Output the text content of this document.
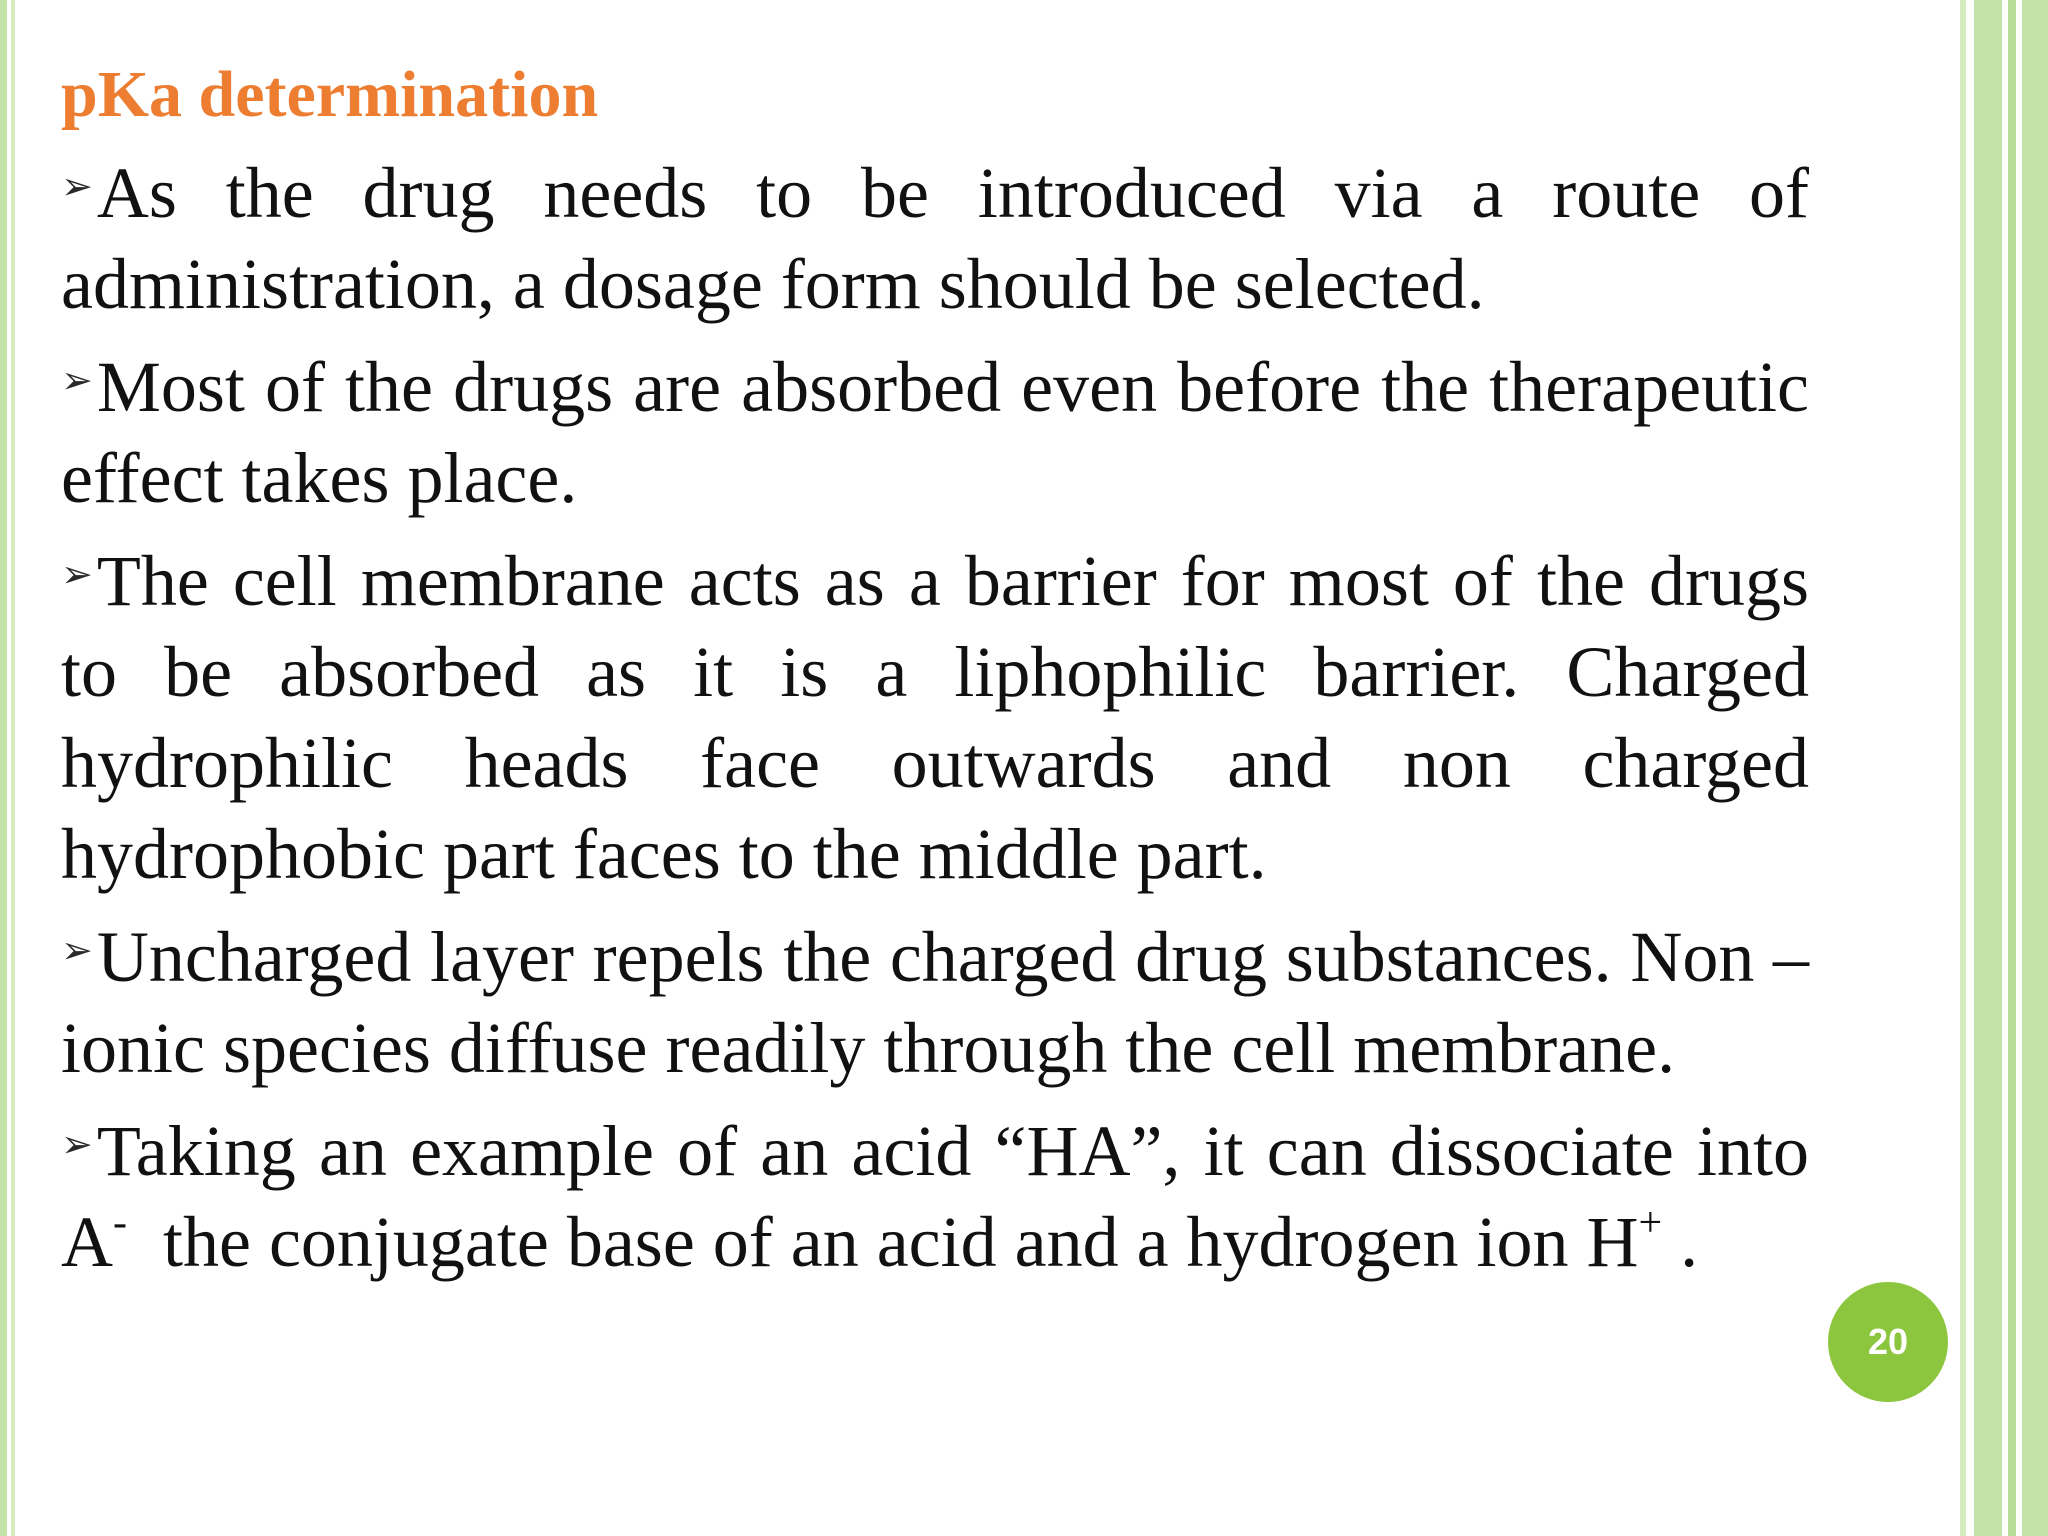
pKa determination

➢As the drug needs to be introduced via a route of administration, a dosage form should be selected.

➢Most of the drugs are absorbed even before the therapeutic effect takes place.

➢The cell membrane acts as a barrier for most of the drugs to be absorbed as it is a liphophilic barrier. Charged hydrophilic heads face outwards and non charged hydrophobic part faces to the middle part.

➢Uncharged layer repels the charged drug substances. Non – ionic species diffuse readily through the cell membrane.

➢Taking an example of an acid “HA”, it can dissociate into A-  the conjugate base of an acid and a hydrogen ion H+ .

20
